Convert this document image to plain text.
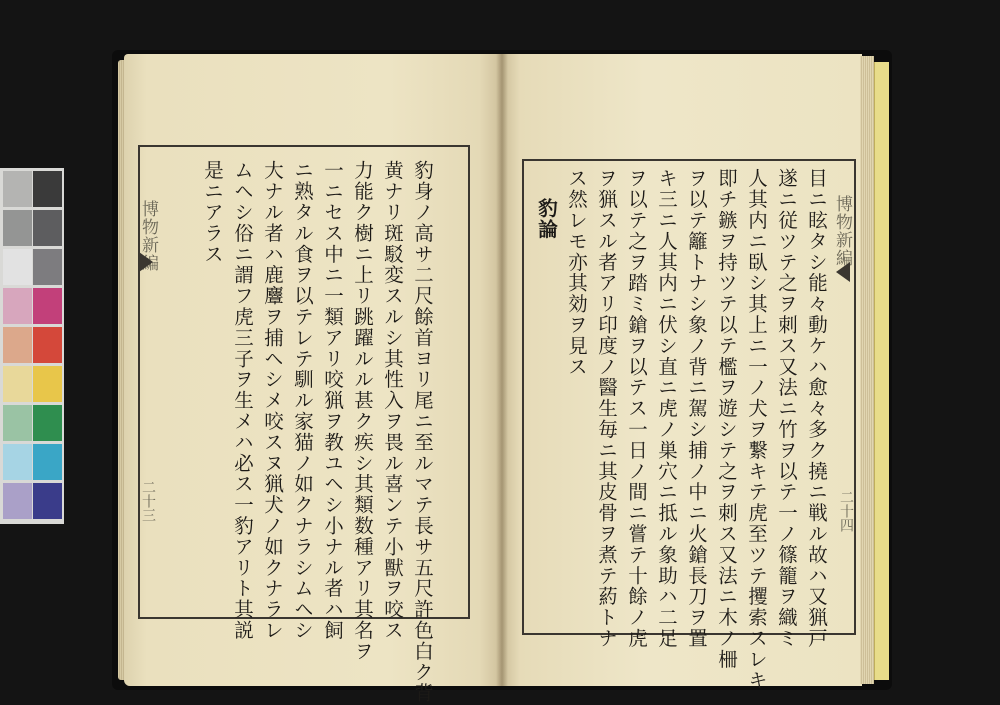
博物新編
二十三	豹身ノ高サ二尺餘首ヨリ尾ニ至ルマテ長サ五尺許色白ク背
黄ナリ斑駁変スルシ其性入ヲ畏ル喜ンテ小獸ヲ咬ス
力能ク樹ニ上リ跳躍ルル甚ク疾シ其類数種アリ其名ヲ
一ニセス中ニ一類アリ咬猟ヲ教ユヘシ小ナル者ハ飼
ニ熟タル食ヲ以テレテ馴ル家猫ノ如クナラシムヘシ
大ナル者ハ鹿麞ヲ捕ヘシメ咬スヌ猟犬ノ如クナラレ
ムヘシ俗ニ謂フ虎三子ヲ生メハ必ス一豹アリト其説
是ニアラス	博物新編
二十四
目ニ眩タシ能々動ケハ愈々多ク撓ニ戦ル故ハ又猟戸
遂ニ従ツテ之ヲ刺ス又法ニ竹ヲ以テ一ノ篠籠ヲ織ミ
人其内ニ臥シ其上ニ一ノ犬ヲ繋キテ虎至ツテ攫索スレキ
即チ鏃ヲ持ツテ以テ檻ヲ遊シテ之ヲ刺ス又法ニ木ノ柵
ヲ以テ籬トナシ象ノ背ニ駕シ捕ノ中ニ火鎗長刀ヲ置
キ三ニ人其内ニ伏シ直ニ虎ノ巣穴ニ抵ル象助ハ二足
ヲ以テ之ヲ踏ミ鎗ヲ以テス一日ノ間ニ嘗テ十餘ノ虎
ヲ猟スル者アリ印度ノ醫生毎ニ其皮骨ヲ煮テ葯トナ
ス然レモ亦其効ヲ見ス
豹論
